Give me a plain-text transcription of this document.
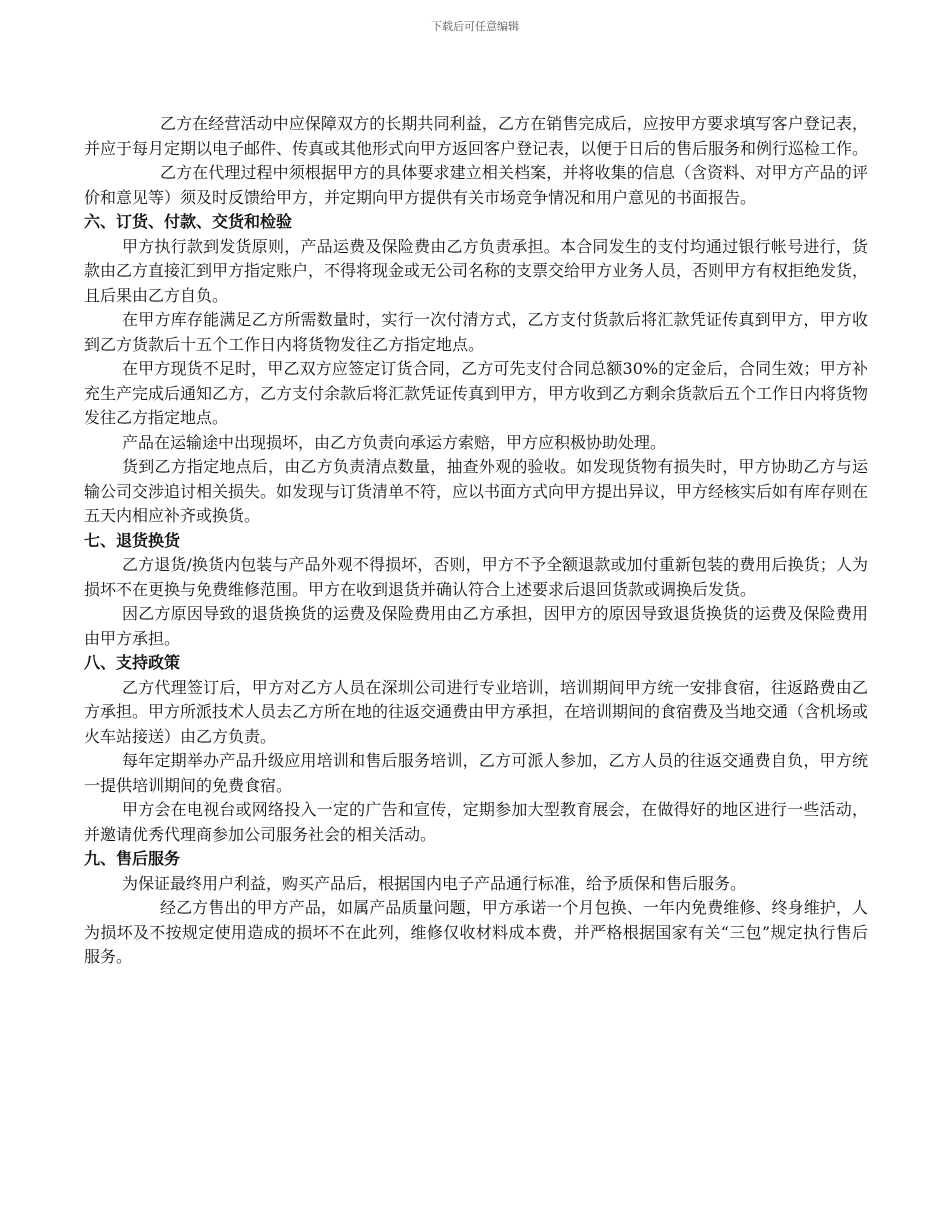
下载后可任意编辑

乙方在经营活动中应保障双方的长期共同利益，乙方在销售完成后，应按甲方要求填写客户登记表，并应于每月定期以电子邮件、传真或其他形式向甲方返回客户登记表，以便于日后的售后服务和例行巡检工作。

乙方在代理过程中须根据甲方的具体要求建立相关档案，并将收集的信息（含资料、对甲方产品的评价和意见等）须及时反馈给甲方，并定期向甲方提供有关市场竞争情况和用户意见的书面报告。

六、订货、付款、交货和检验

甲方执行款到发货原则，产品运费及保险费由乙方负责承担。本合同发生的支付均通过银行帐号进行，货款由乙方直接汇到甲方指定账户，不得将现金或无公司名称的支票交给甲方业务人员，否则甲方有权拒绝发货，且后果由乙方自负。

在甲方库存能满足乙方所需数量时，实行一次付清方式，乙方支付货款后将汇款凭证传真到甲方，甲方收到乙方货款后十五个工作日内将货物发往乙方指定地点。

在甲方现货不足时，甲乙双方应签定订货合同，乙方可先支付合同总额30%的定金后，合同生效；甲方补充生产完成后通知乙方，乙方支付余款后将汇款凭证传真到甲方，甲方收到乙方剩余货款后五个工作日内将货物发往乙方指定地点。

产品在运输途中出现损坏，由乙方负责向承运方索赔，甲方应积极协助处理。

货到乙方指定地点后，由乙方负责清点数量，抽查外观的验收。如发现货物有损失时，甲方协助乙方与运输公司交涉追讨相关损失。如发现与订货清单不符，应以书面方式向甲方提出异议，甲方经核实后如有库存则在五天内相应补齐或换货。

七、退货换货

乙方退货/换货内包装与产品外观不得损坏，否则，甲方不予全额退款或加付重新包装的费用后换货；人为损坏不在更换与免费维修范围。甲方在收到退货并确认符合上述要求后退回货款或调换后发货。

因乙方原因导致的退货换货的运费及保险费用由乙方承担，因甲方的原因导致退货换货的运费及保险费用由甲方承担。

八、支持政策

乙方代理签订后，甲方对乙方人员在深圳公司进行专业培训，培训期间甲方统一安排食宿，往返路费由乙方承担。甲方所派技术人员去乙方所在地的往返交通费由甲方承担，在培训期间的食宿费及当地交通（含机场或火车站接送）由乙方负责。

每年定期举办产品升级应用培训和售后服务培训，乙方可派人参加，乙方人员的往返交通费自负，甲方统一提供培训期间的免费食宿。

甲方会在电视台或网络投入一定的广告和宣传，定期参加大型教育展会，在做得好的地区进行一些活动，并邀请优秀代理商参加公司服务社会的相关活动。

九、售后服务

为保证最终用户利益，购买产品后，根据国内电子产品通行标准，给予质保和售后服务。

经乙方售出的甲方产品，如属产品质量问题，甲方承诺一个月包换、一年内免费维修、终身维护，人为损坏及不按规定使用造成的损坏不在此列，维修仅收材料成本费，并严格根据国家有关“三包”规定执行售后服务。
